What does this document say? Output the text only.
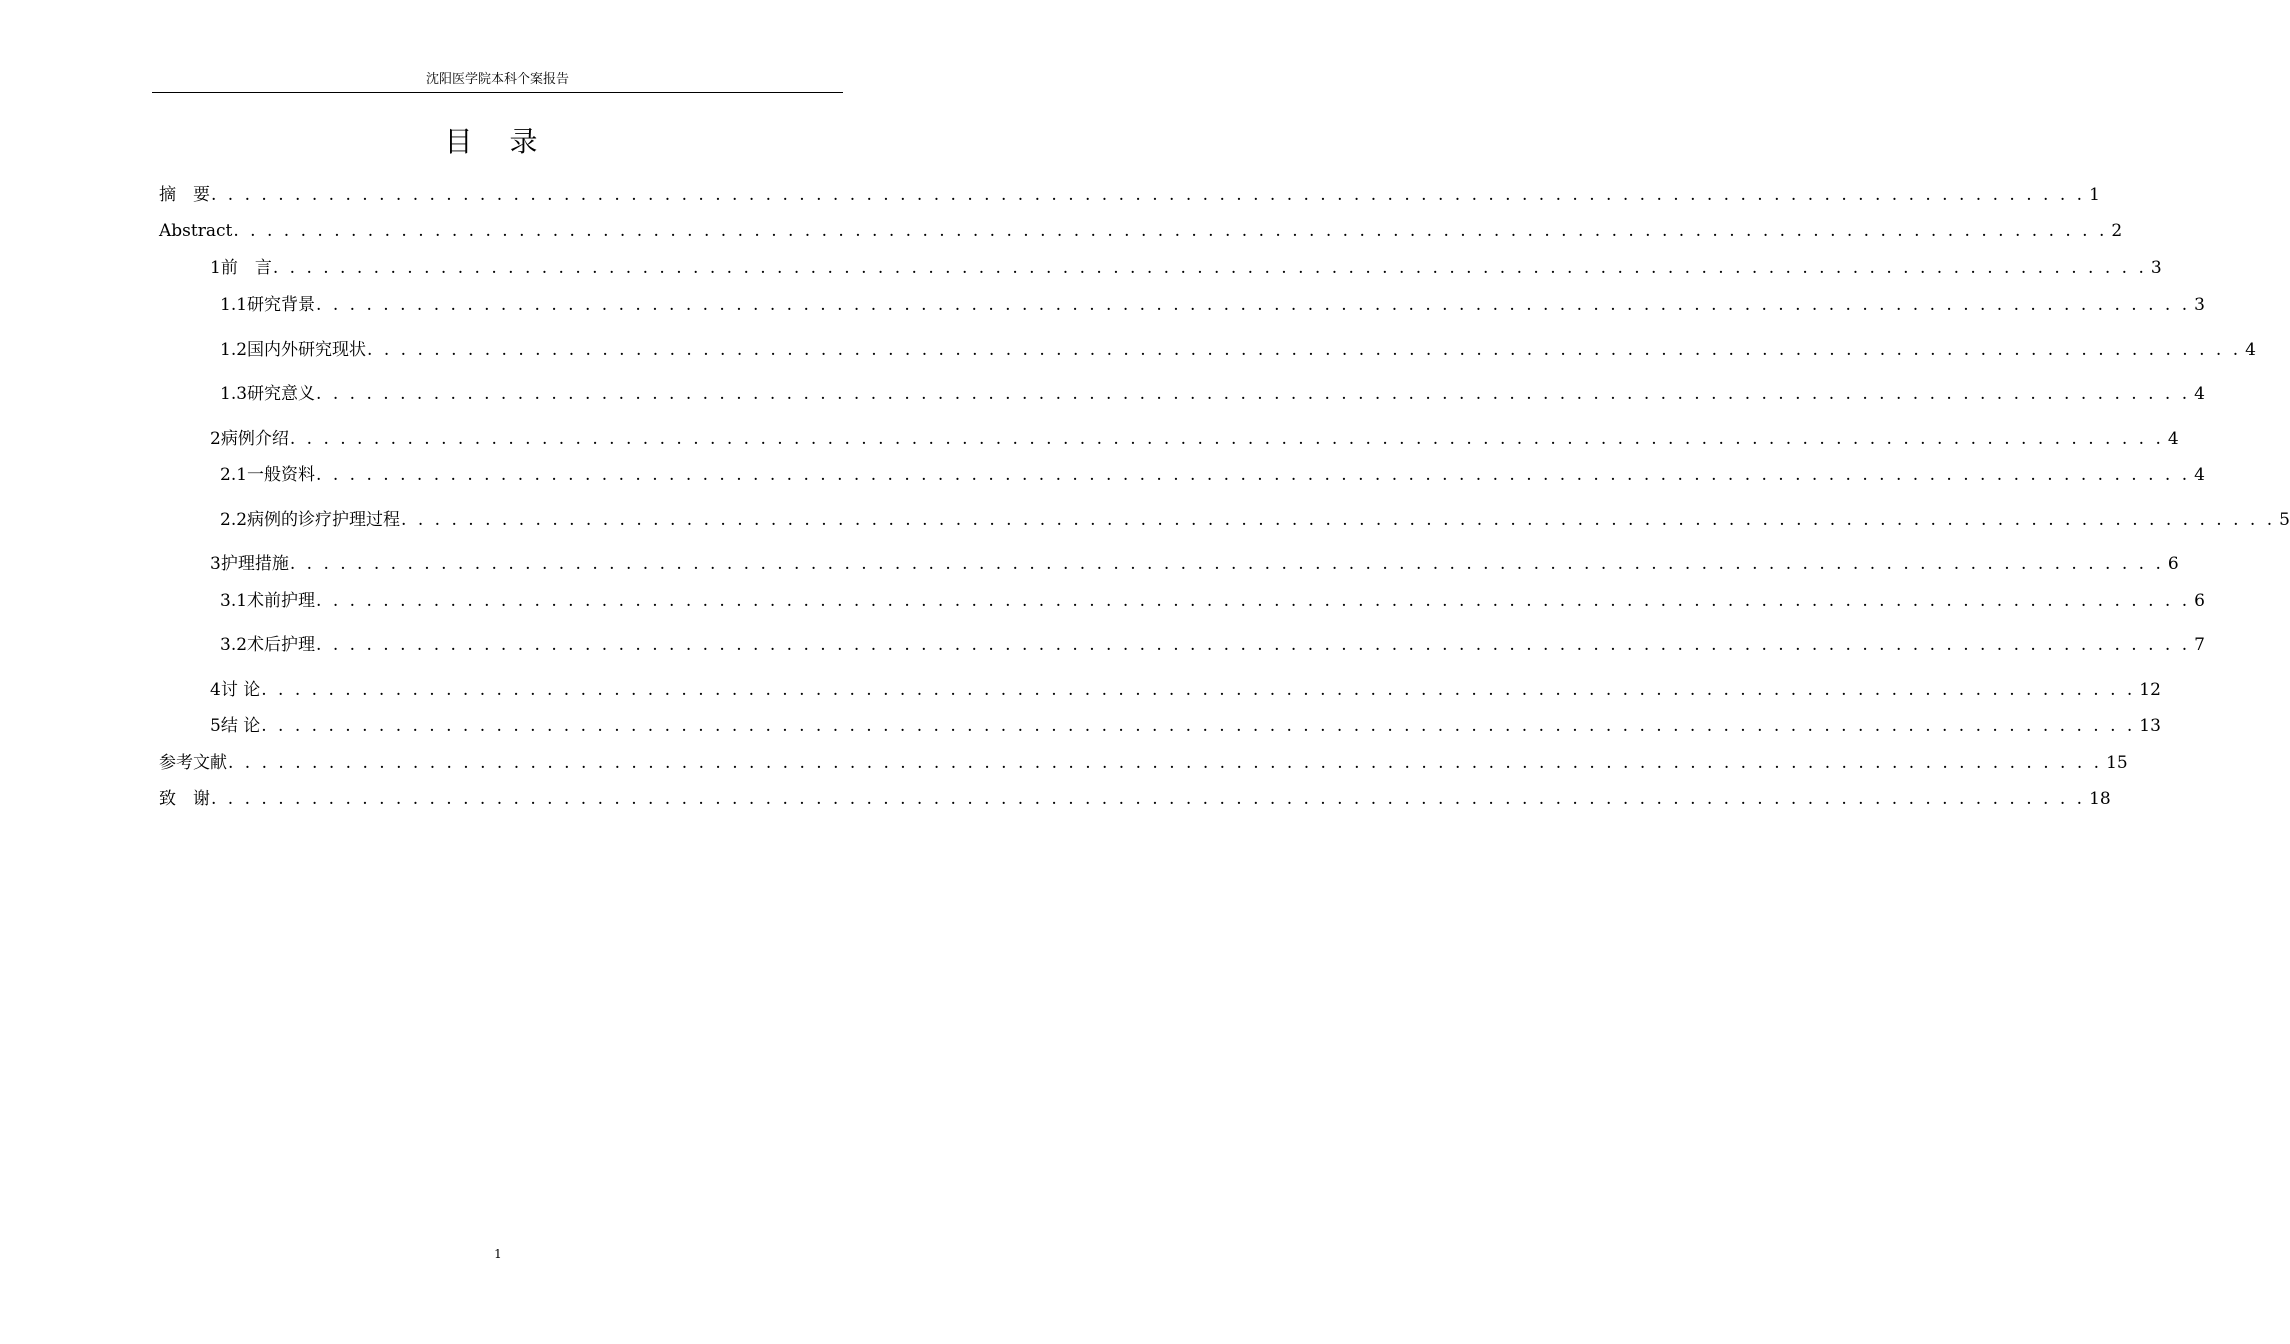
沈阳医学院本科个案报告
目 录
摘　要 . . . . . . . . . . . . . . . . . . . . . . . . . . . . . . . . . . . . . . . . . . . . . . . . . . . . . . . . . . . . . . . . . . . . . . . . . . . . . . . . . . . . . . . . . . . . . . . . . . . . . . . . . . . . . . . . 1
Abstract . . . . . . . . . . . . . . . . . . . . . . . . . . . . . . . . . . . . . . . . . . . . . . . . . . . . . . . . . . . . . . . . . . . . . . . . . . . . . . . . . . . . . . . . . . . . . . . . . . . . . . . . . . . . . . . . 2
1 前　言 . . . . . . . . . . . . . . . . . . . . . . . . . . . . . . . . . . . . . . . . . . . . . . . . . . . . . . . . . . . . . . . . . . . . . . . . . . . . . . . . . . . . . . . . . . . . . . . . . . . . . . . . . . . . . . . . 3
1.1 研究背景 . . . . . . . . . . . . . . . . . . . . . . . . . . . . . . . . . . . . . . . . . . . . . . . . . . . . . . . . . . . . . . . . . . . . . . . . . . . . . . . . . . . . . . . . . . . . . . . . . . . . . . . . . . . . . . . . 3
1.2 国内外研究现状 . . . . . . . . . . . . . . . . . . . . . . . . . . . . . . . . . . . . . . . . . . . . . . . . . . . . . . . . . . . . . . . . . . . . . . . . . . . . . . . . . . . . . . . . . . . . . . . . . . . . . . . . . . . . . . . . 4
1.3 研究意义 . . . . . . . . . . . . . . . . . . . . . . . . . . . . . . . . . . . . . . . . . . . . . . . . . . . . . . . . . . . . . . . . . . . . . . . . . . . . . . . . . . . . . . . . . . . . . . . . . . . . . . . . . . . . . . . . 4
2 病例介绍 . . . . . . . . . . . . . . . . . . . . . . . . . . . . . . . . . . . . . . . . . . . . . . . . . . . . . . . . . . . . . . . . . . . . . . . . . . . . . . . . . . . . . . . . . . . . . . . . . . . . . . . . . . . . . . . . 4
2.1 一般资料 . . . . . . . . . . . . . . . . . . . . . . . . . . . . . . . . . . . . . . . . . . . . . . . . . . . . . . . . . . . . . . . . . . . . . . . . . . . . . . . . . . . . . . . . . . . . . . . . . . . . . . . . . . . . . . . . 4
2.2 病例的诊疗护理过程 . . . . . . . . . . . . . . . . . . . . . . . . . . . . . . . . . . . . . . . . . . . . . . . . . . . . . . . . . . . . . . . . . . . . . . . . . . . . . . . . . . . . . . . . . . . . . . . . . . . . . . . . . . . . . . . . 5
3 护理措施 . . . . . . . . . . . . . . . . . . . . . . . . . . . . . . . . . . . . . . . . . . . . . . . . . . . . . . . . . . . . . . . . . . . . . . . . . . . . . . . . . . . . . . . . . . . . . . . . . . . . . . . . . . . . . . . . 6
3.1 术前护理 . . . . . . . . . . . . . . . . . . . . . . . . . . . . . . . . . . . . . . . . . . . . . . . . . . . . . . . . . . . . . . . . . . . . . . . . . . . . . . . . . . . . . . . . . . . . . . . . . . . . . . . . . . . . . . . . 6
3.2 术后护理 . . . . . . . . . . . . . . . . . . . . . . . . . . . . . . . . . . . . . . . . . . . . . . . . . . . . . . . . . . . . . . . . . . . . . . . . . . . . . . . . . . . . . . . . . . . . . . . . . . . . . . . . . . . . . . . . 7
4 讨 论 . . . . . . . . . . . . . . . . . . . . . . . . . . . . . . . . . . . . . . . . . . . . . . . . . . . . . . . . . . . . . . . . . . . . . . . . . . . . . . . . . . . . . . . . . . . . . . . . . . . . . . . . . . . . . . . . 12
5 结 论 . . . . . . . . . . . . . . . . . . . . . . . . . . . . . . . . . . . . . . . . . . . . . . . . . . . . . . . . . . . . . . . . . . . . . . . . . . . . . . . . . . . . . . . . . . . . . . . . . . . . . . . . . . . . . . . . 13
参考文献 . . . . . . . . . . . . . . . . . . . . . . . . . . . . . . . . . . . . . . . . . . . . . . . . . . . . . . . . . . . . . . . . . . . . . . . . . . . . . . . . . . . . . . . . . . . . . . . . . . . . . . . . . . . . . . . . 15
致　谢 . . . . . . . . . . . . . . . . . . . . . . . . . . . . . . . . . . . . . . . . . . . . . . . . . . . . . . . . . . . . . . . . . . . . . . . . . . . . . . . . . . . . . . . . . . . . . . . . . . . . . . . . . . . . . . . . 18
1
